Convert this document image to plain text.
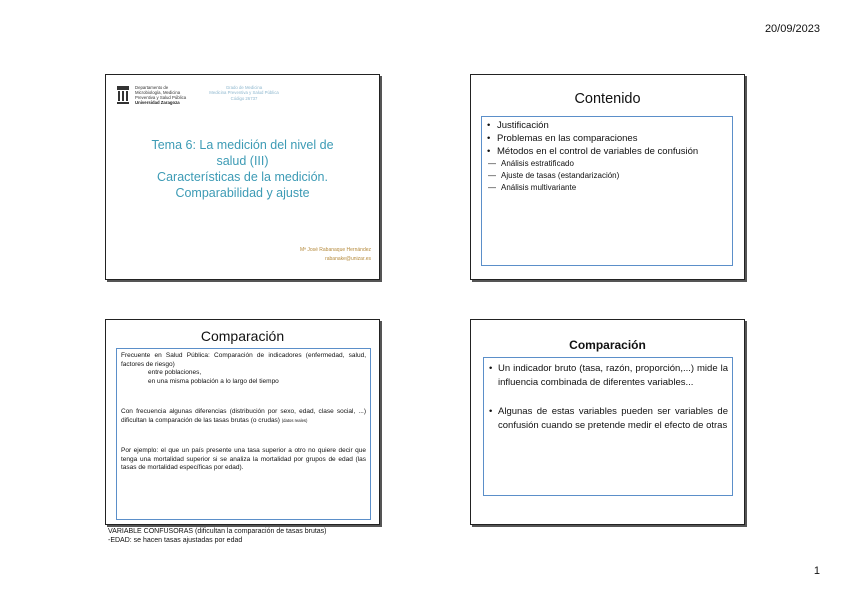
20/09/2023
Departamento de
Microbiología, Medicina
Preventiva y Salud Pública
Universidad Zaragoza
Grado de Medicina
Medicina Preventiva y Salud Pública
Código 26737
Tema 6: La medición del nivel de
salud (III)
Características de la medición.
Comparabilidad y ajuste
Mª José Rabanaque Hernández
rabanake@unizar.es
Contenido
• Justificación
• Problemas en las comparaciones
• Métodos en el control de variables de confusión
— Análisis estratificado
— Ajuste de tasas (estandarización)
— Análisis multivariante
Comparación

Frecuente en Salud Pública: Comparación de indicadores (enfermedad, salud, factores de riesgo)

entre poblaciones,

en una misma población a lo largo del tiempo

Con frecuencia algunas diferencias (distribución por sexo, edad, clase social, ...) dificultan la comparación de las tasas brutas (o crudas) (datos reales)

Por ejemplo: el que un país presente una tasa superior a otro no quiere decir que tenga una mortalidad superior si se analiza la mortalidad por grupos de edad (las tasas de mortalidad específicas por edad).

Comparación
• Un indicador bruto (tasa, razón, proporción,...) mide la influencia combinada de diferentes variables...
• Algunas de estas variables pueden ser variables de confusión cuando se pretende medir el efecto de otras
VARIABLE CONFUSORAS (dificultan la comparación de tasas brutas)
-EDAD: se hacen tasas ajustadas por edad
1
